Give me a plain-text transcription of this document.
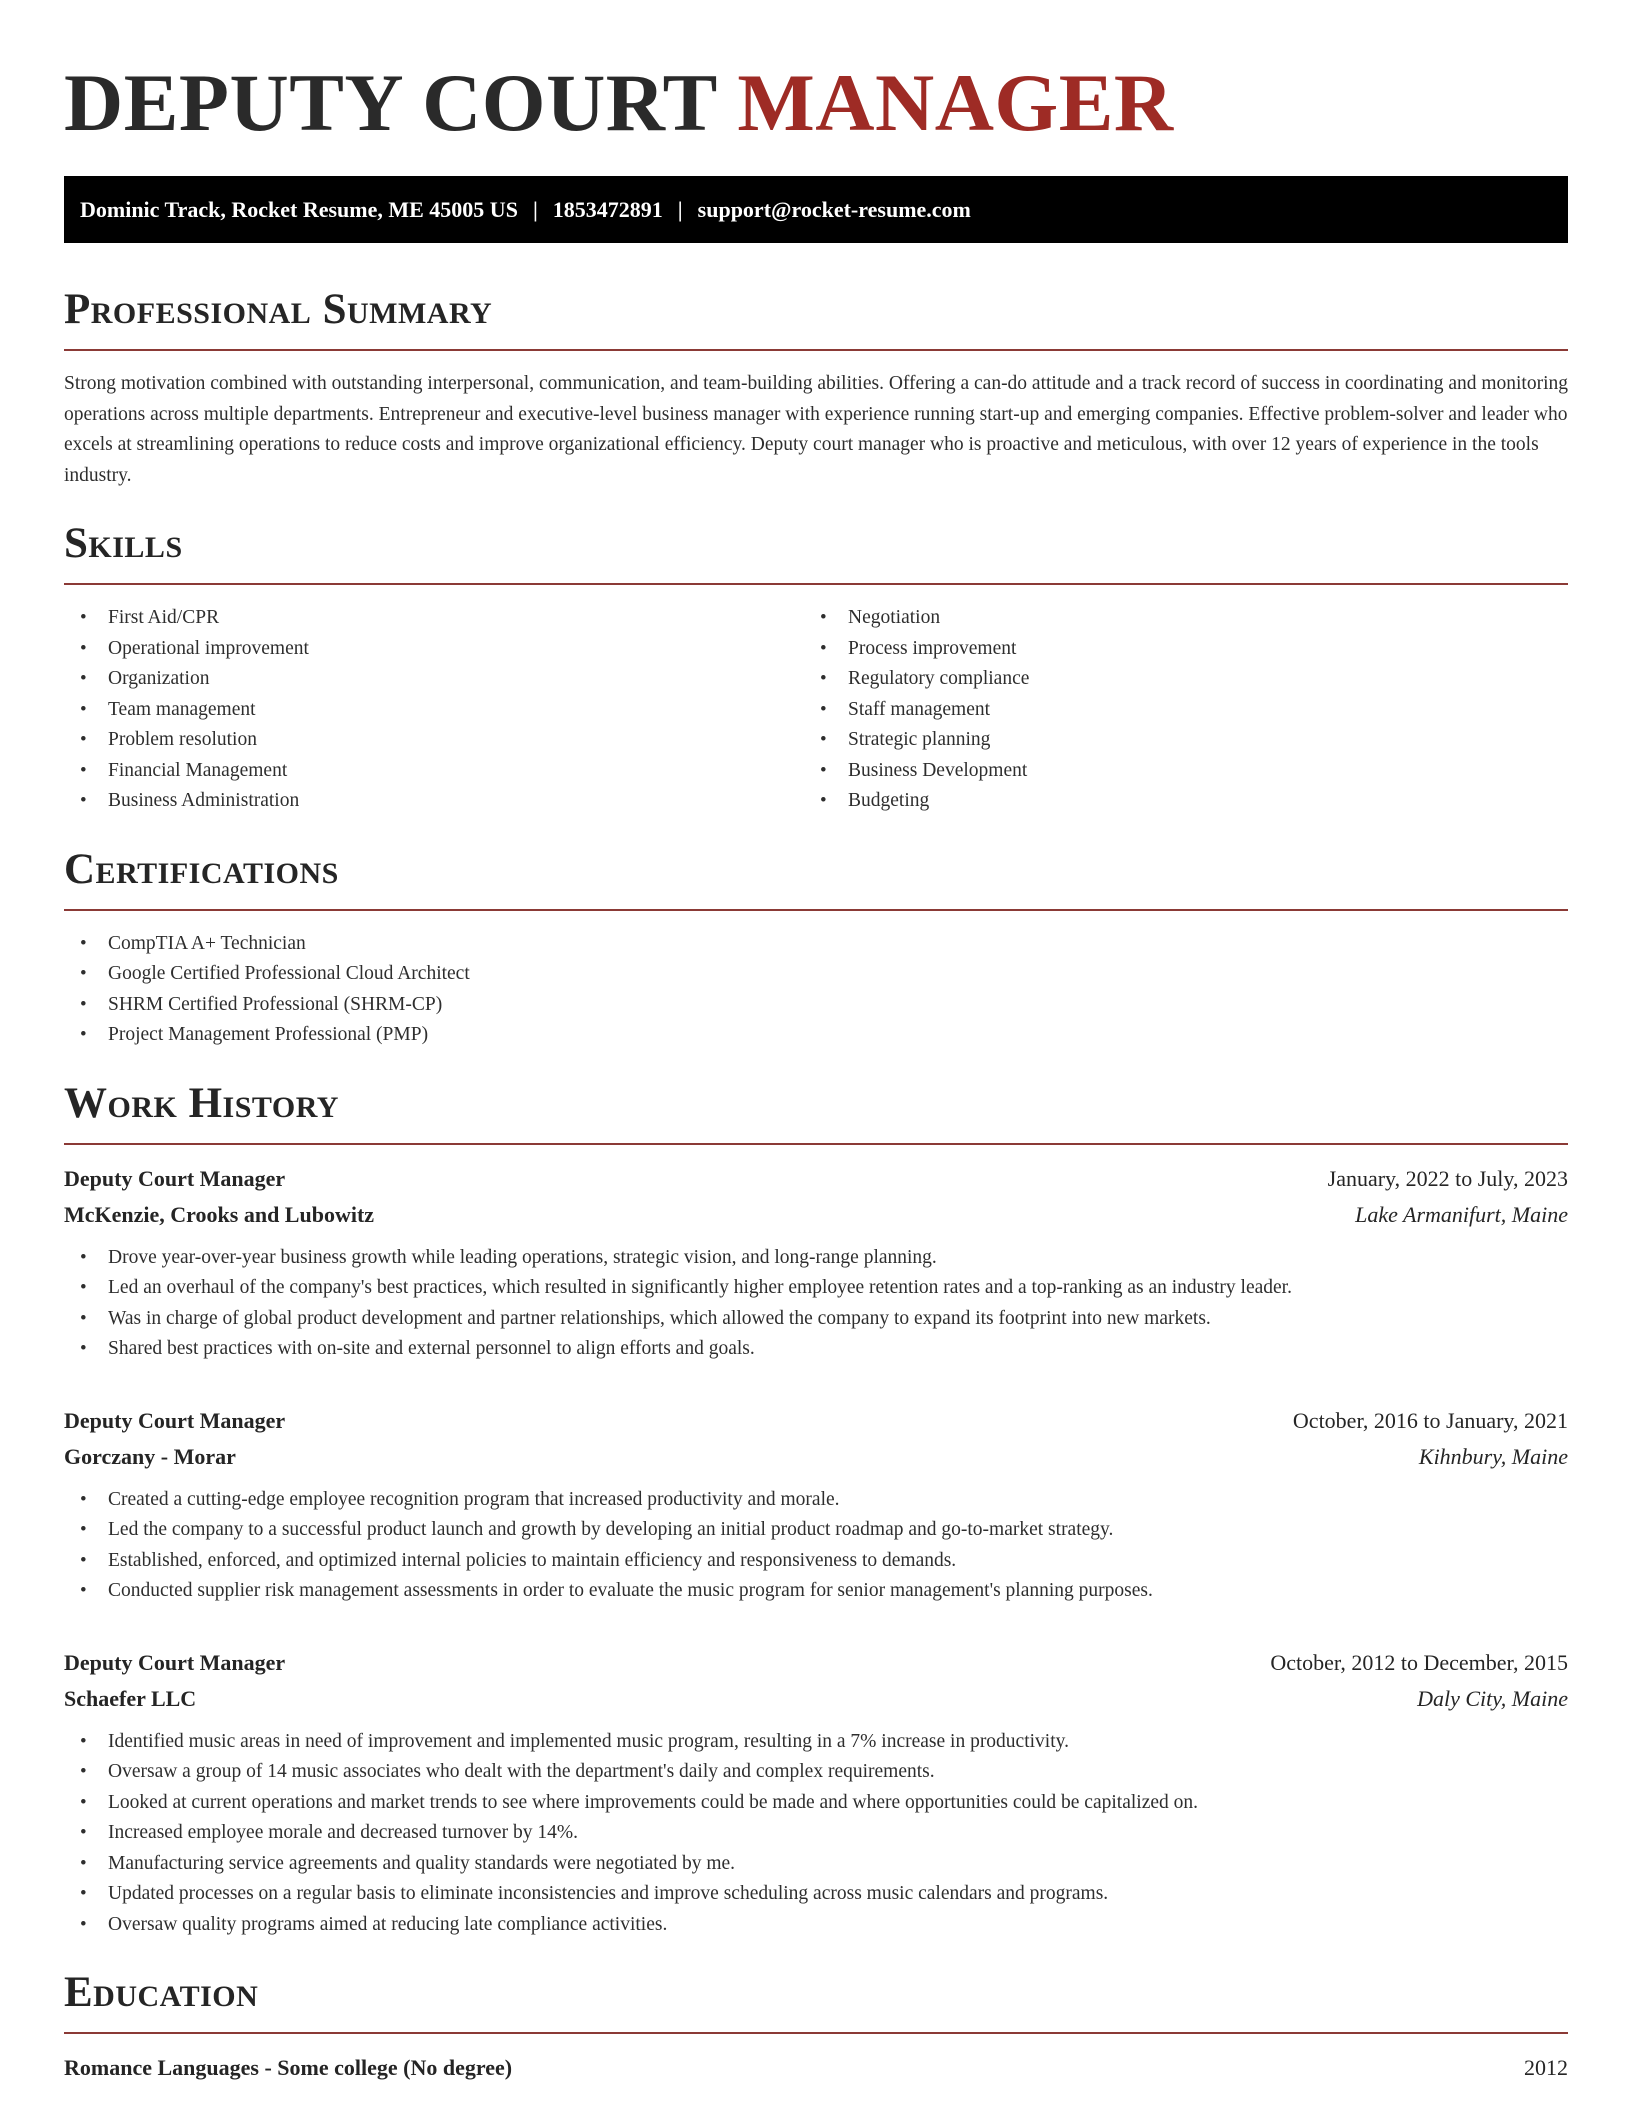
DEPUTY COURT MANAGER
Dominic Track, Rocket Resume, ME 45005 US | 1853472891 | support@rocket-resume.com
Professional Summary

Strong motivation combined with outstanding interpersonal, communication, and team-building abilities. Offering a can-do attitude and a track record of success in coordinating and monitoring operations across multiple departments. Entrepreneur and executive-level business manager with experience running start-up and emerging companies. Effective problem-solver and leader who excels at streamlining operations to reduce costs and improve organizational efficiency. Deputy court manager who is proactive and meticulous, with over 12 years of experience in the tools industry.

Skills
• First Aid/CPR
• Operational improvement
• Organization
• Team management
• Problem resolution
• Financial Management
• Business Administration
• Negotiation
• Process improvement
• Regulatory compliance
• Staff management
• Strategic planning
• Business Development
• Budgeting
Certifications
• CompTIA A+ Technician
• Google Certified Professional Cloud Architect
• SHRM Certified Professional (SHRM-CP)
• Project Management Professional (PMP)
Work History
Deputy Court Manager	January, 2022 to July, 2023
McKenzie, Crooks and Lubowitz	Lake Armanifurt, Maine
• Drove year-over-year business growth while leading operations, strategic vision, and long-range planning.
• Led an overhaul of the company's best practices, which resulted in significantly higher employee retention rates and a top-ranking as an industry leader.
• Was in charge of global product development and partner relationships, which allowed the company to expand its footprint into new markets.
• Shared best practices with on-site and external personnel to align efforts and goals.
Deputy Court Manager	October, 2016 to January, 2021
Gorczany - Morar	Kihnbury, Maine
• Created a cutting-edge employee recognition program that increased productivity and morale.
• Led the company to a successful product launch and growth by developing an initial product roadmap and go-to-market strategy.
• Established, enforced, and optimized internal policies to maintain efficiency and responsiveness to demands.
• Conducted supplier risk management assessments in order to evaluate the music program for senior management's planning purposes.
Deputy Court Manager	October, 2012 to December, 2015
Schaefer LLC	Daly City, Maine
• Identified music areas in need of improvement and implemented music program, resulting in a 7% increase in productivity.
• Oversaw a group of 14 music associates who dealt with the department's daily and complex requirements.
• Looked at current operations and market trends to see where improvements could be made and where opportunities could be capitalized on.
• Increased employee morale and decreased turnover by 14%.
• Manufacturing service agreements and quality standards were negotiated by me.
• Updated processes on a regular basis to eliminate inconsistencies and improve scheduling across music calendars and programs.
• Oversaw quality programs aimed at reducing late compliance activities.
Education
Romance Languages - Some college (No degree)	2012
